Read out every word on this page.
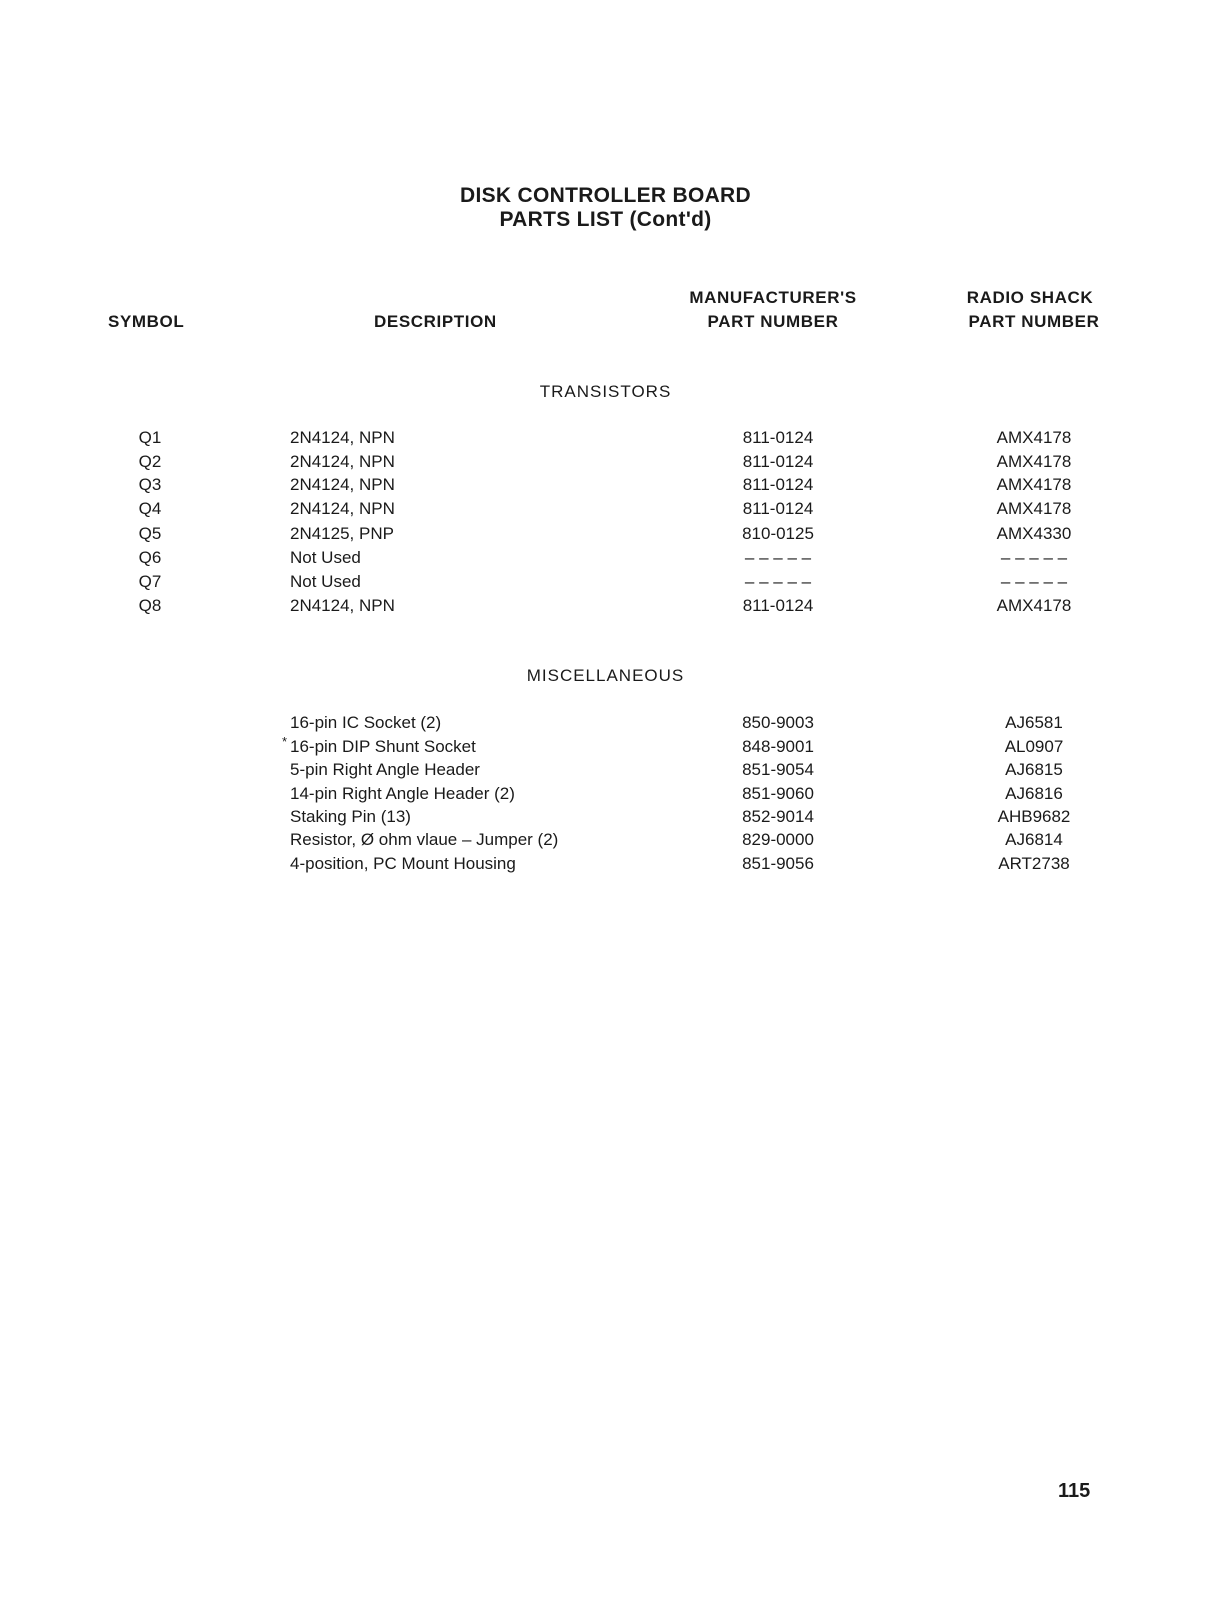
DISK CONTROLLER BOARD
PARTS LIST (Cont'd)
SYMBOL	DESCRIPTION
MANUFACTURER'S
PART NUMBER
RADIO SHACK
PART NUMBER
TRANSISTORS
Q1	2N4124, NPN	811-0124	AMX4178
Q2	2N4124, NPN	811-0124	AMX4178
Q3	2N4124, NPN	811-0124	AMX4178
Q4	2N4124, NPN	811-0124	AMX4178
Q5	2N4125, PNP	810-0125	AMX4330
Q6	Not Used	– – – – –	– – – – –
Q7	Not Used	– – – – –	– – – – –
Q8	2N4124, NPN	811-0124	AMX4178
MISCELLANEOUS
16-pin IC Socket (2)	850-9003	AJ6581
* 16-pin DIP Shunt Socket	848-9001	AL0907
5-pin Right Angle Header	851-9054	AJ6815
14-pin Right Angle Header (2)	851-9060	AJ6816
Staking Pin (13)	852-9014	AHB9682
Resistor, Ø ohm vlaue – Jumper (2)	829-0000	AJ6814
4-position, PC Mount Housing	851-9056	ART2738
115
